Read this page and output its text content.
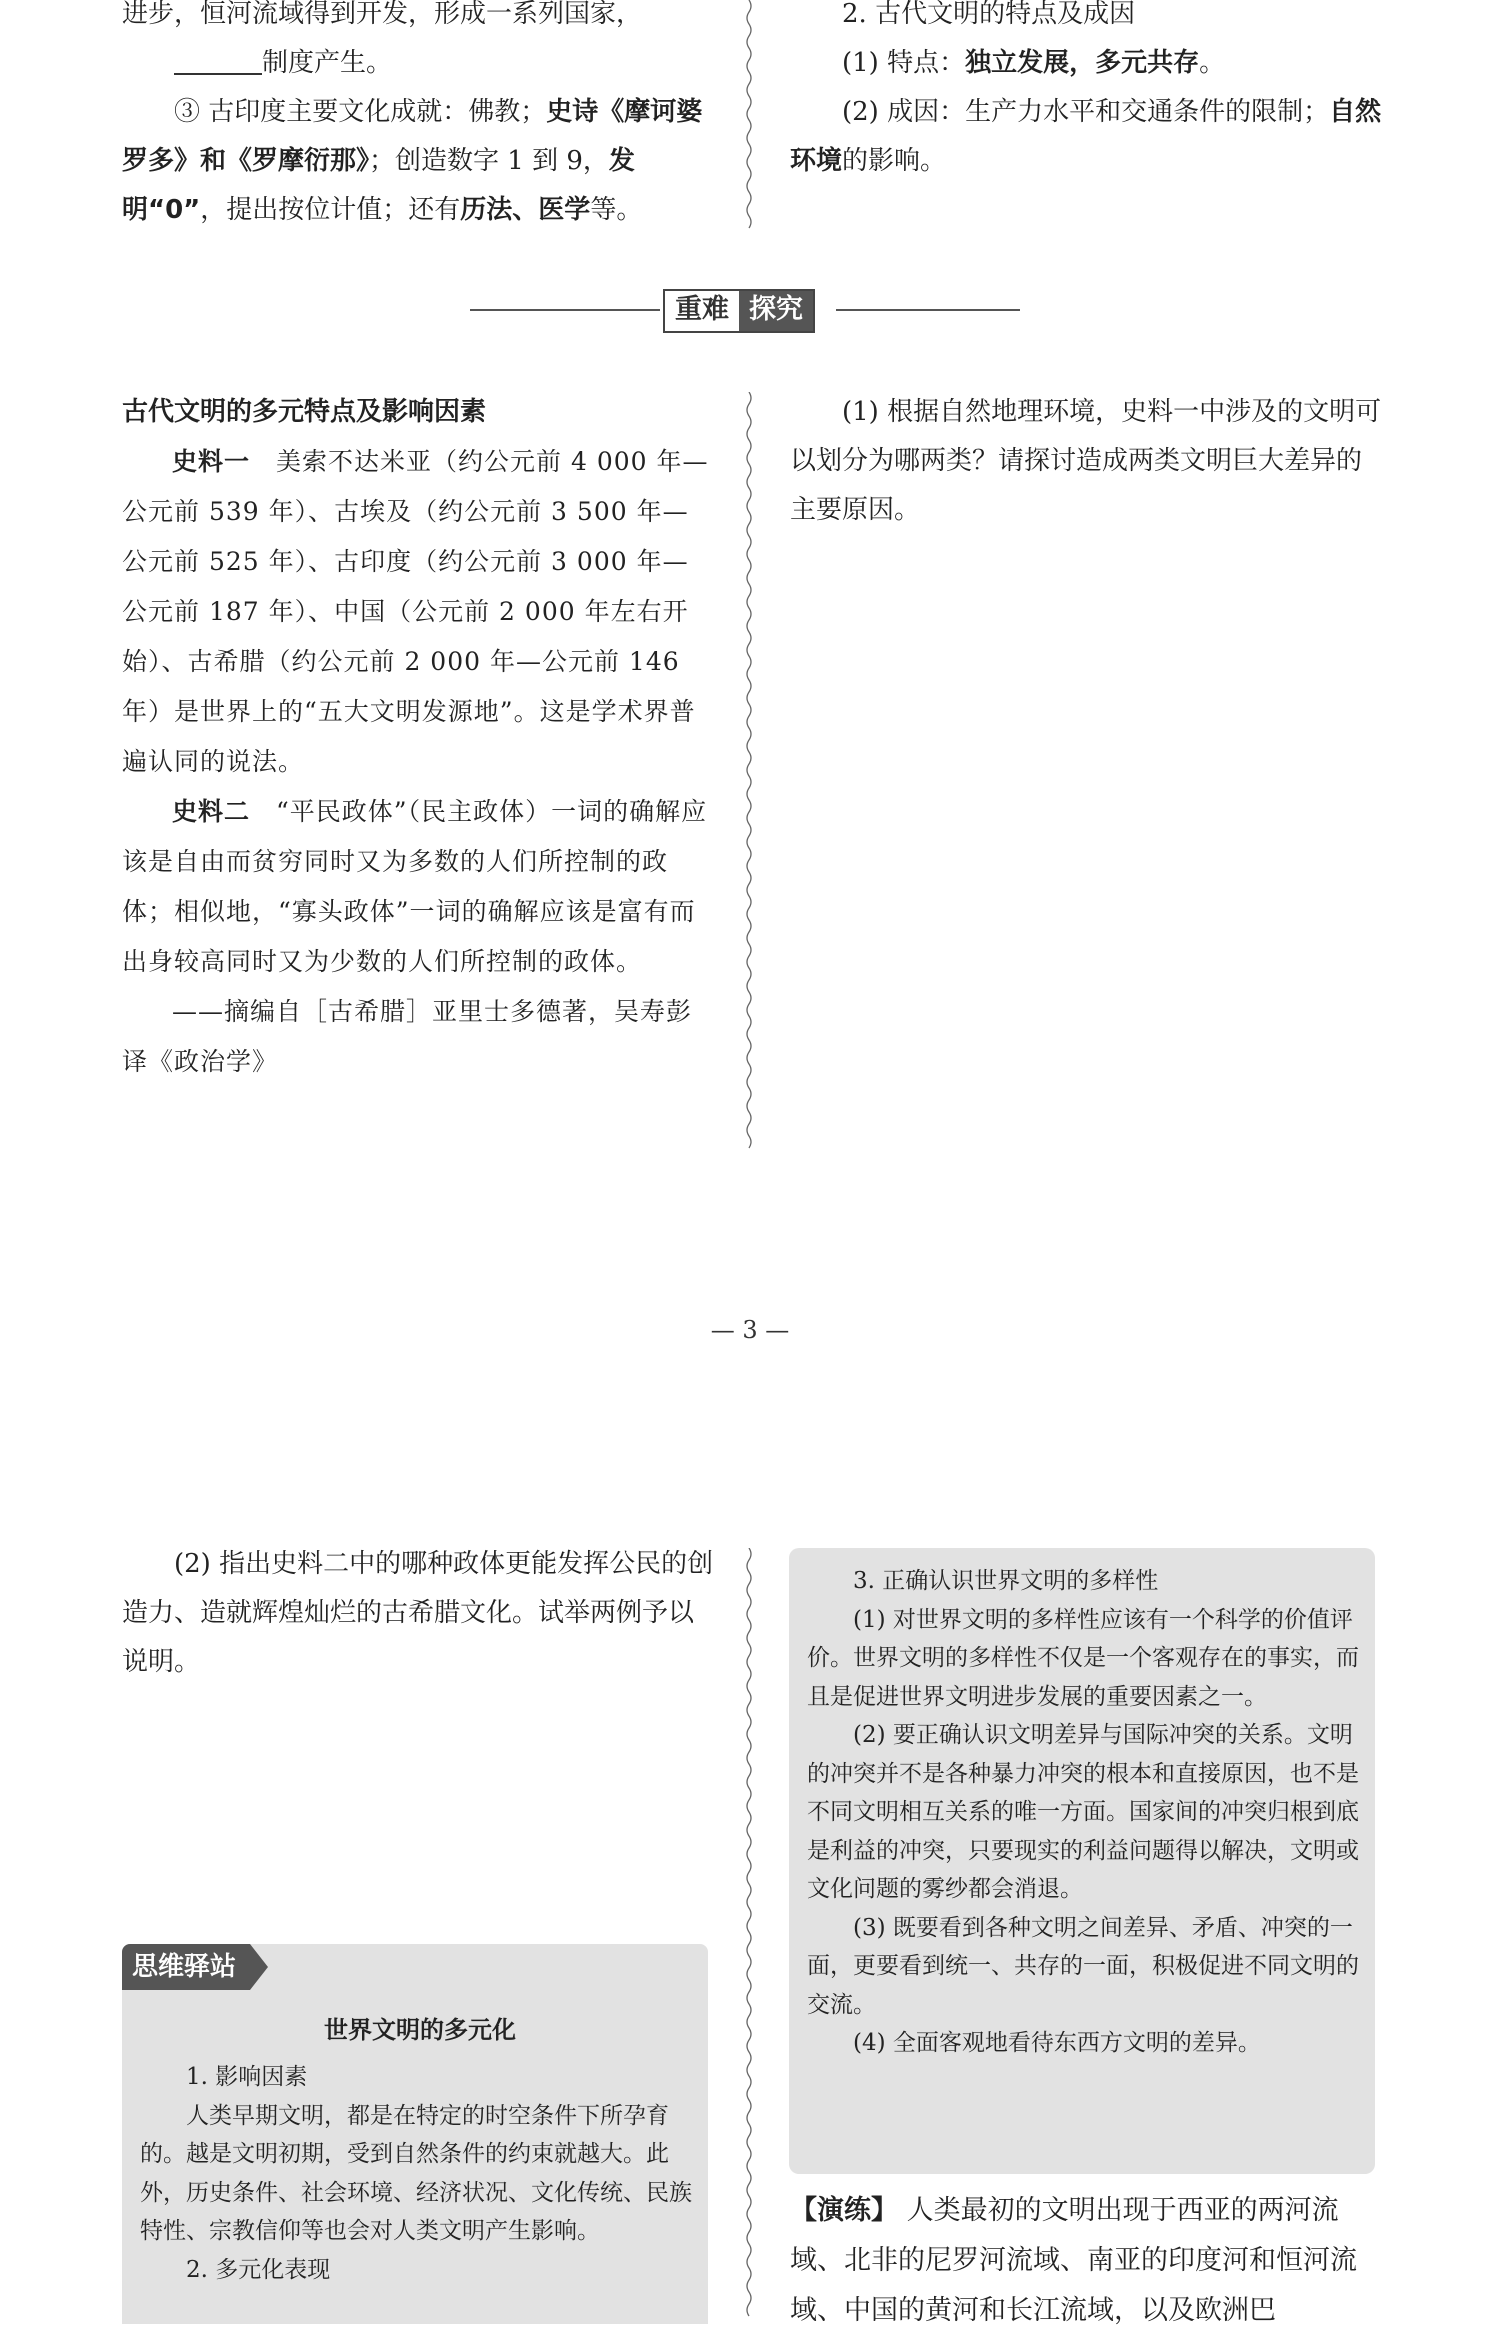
进步，恒河流域得到开发，形成一系列国家，

制度产生。

③ 古印度主要文化成就：佛教；史诗《摩诃婆罗多》和《罗摩衍那》；创造数字 1 到 9，发明“0”，提出按位计值；还有历法、医学等。

2. 古代文明的特点及成因

(1) 特点：独立发展，多元共存。

(2) 成因：生产力水平和交通条件的限制；自然环境的影响。

重难 探究

古代文明的多元特点及影响因素

史料一　 美索不达米亚（约公元前 4 000 年—公元前 539 年）、古埃及（约公元前 3 500 年—公元前 525 年）、古印度（约公元前 3 000 年—公元前 187 年）、中国（公元前 2 000 年左右开始）、古希腊（约公元前 2 000 年—公元前 146 年）是世界上的“五大文明发源地”。这是学术界普遍认同的说法。

史料二　 “平民政体”（民主政体）一词的确解应该是自由而贫穷同时又为多数的人们所控制的政体；相似地，“寡头政体”一词的确解应该是富有而出身较高同时又为少数的人们所控制的政体。

——摘编自［古希腊］亚里士多德著，吴寿彭译《政治学》

(1) 根据自然地理环境，史料一中涉及的文明可以划分为哪两类？请探讨造成两类文明巨大差异的主要原因。

— 3 —

(2) 指出史料二中的哪种政体更能发挥公民的创造力、造就辉煌灿烂的古希腊文化。试举两例予以说明。

3. 正确认识世界文明的多样性

(1) 对世界文明的多样性应该有一个科学的价值评价。世界文明的多样性不仅是一个客观存在的事实，而且是促进世界文明进步发展的重要因素之一。

(2) 要正确认识文明差异与国际冲突的关系。文明的冲突并不是各种暴力冲突的根本和直接原因，也不是不同文明相互关系的唯一方面。国家间的冲突归根到底是利益的冲突，只要现实的利益问题得以解决，文明或文化问题的雾纱都会消退。

(3) 既要看到各种文明之间差异、矛盾、冲突的一面，更要看到统一、共存的一面，积极促进不同文明的交流。

(4) 全面客观地看待东西方文明的差异。

思维驿站

世界文明的多元化

1. 影响因素

人类早期文明，都是在特定的时空条件下所孕育的。越是文明初期，受到自然条件的约束就越大。此外，历史条件、社会环境、经济状况、文化传统、民族特性、宗教信仰等也会对人类文明产生影响。

2. 多元化表现

【演练】 人类最初的文明出现于西亚的两河流域、北非的尼罗河流域、南亚的印度河和恒河流域、中国的黄河和长江流域，以及欧洲巴
